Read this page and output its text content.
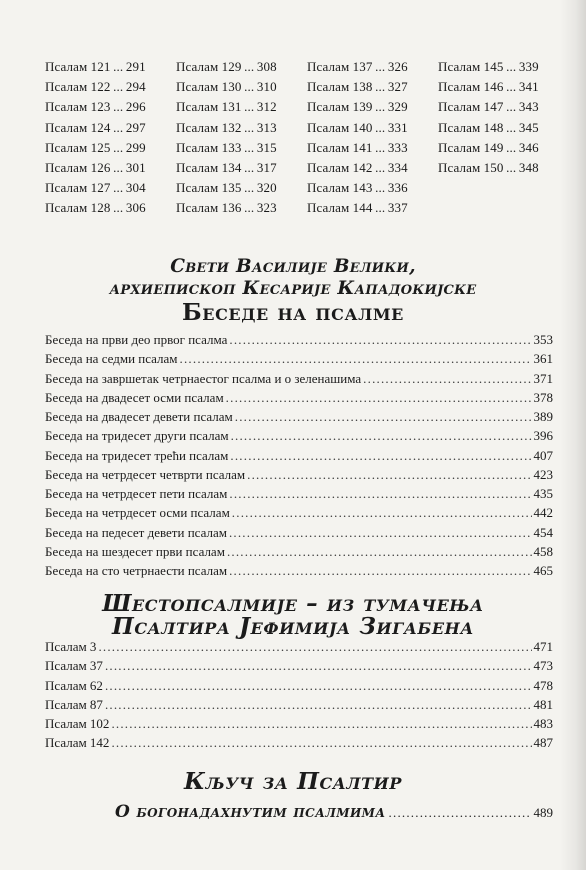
Псалам 121 ... 291
Псалам 122 ... 294
Псалам 123 ... 296
Псалам 124 ... 297
Псалам 125 ... 299
Псалам 126 ... 301
Псалам 127 ... 304
Псалам 128 ... 306
Псалам 129 ... 308
Псалам 130 ... 310
Псалам 131 ... 312
Псалам 132 ... 313
Псалам 133 ... 315
Псалам 134 ... 317
Псалам 135 ... 320
Псалам 136 ... 323
Псалам 137 ... 326
Псалам 138 ... 327
Псалам 139 ... 329
Псалам 140 ... 331
Псалам 141 ... 333
Псалам 142 ... 334
Псалам 143 ... 336
Псалам 144 ... 337
Псалам 145 ... 339
Псалам 146 ... 341
Псалам 147 ... 343
Псалам 148 ... 345
Псалам 149 ... 346
Псалам 150 ... 348
Свети Василије Велики,
архиепископ Кесарије Кападокијске
Беседе на псалме
Беседа на први део првог псалма .....	353
Беседа на седми псалам .....	361
Беседа на завршетак четрнаестог псалма и о зеленашима .....	371
Беседа на двадесет осми псалам .....	378
Беседа на двадесет девети псалам .....	389
Беседа на тридесет други псалам .....	396
Беседа на тридесет трећи псалам .....	407
Беседа на четрдесет четврти псалам .....	423
Беседа на четрдесет пети псалам .....	435
Беседа на четрдесет осми псалам .....	442
Беседа на педесет девети псалам .....	454
Беседа на шездесет први псалам .....	458
Беседа на сто четрнаести псалам .....	465
Шестопсалмије – из тумачења
Псалтира Јефимија Зигабена
Псалам 3 .....	471
Псалам 37 .....	473
Псалам 62 .....	478
Псалам 87 .....	481
Псалам 102 .....	483
Псалам 142 .....	487
Кључ за Псалтир
О богонадахнутим псалмима .....	489
